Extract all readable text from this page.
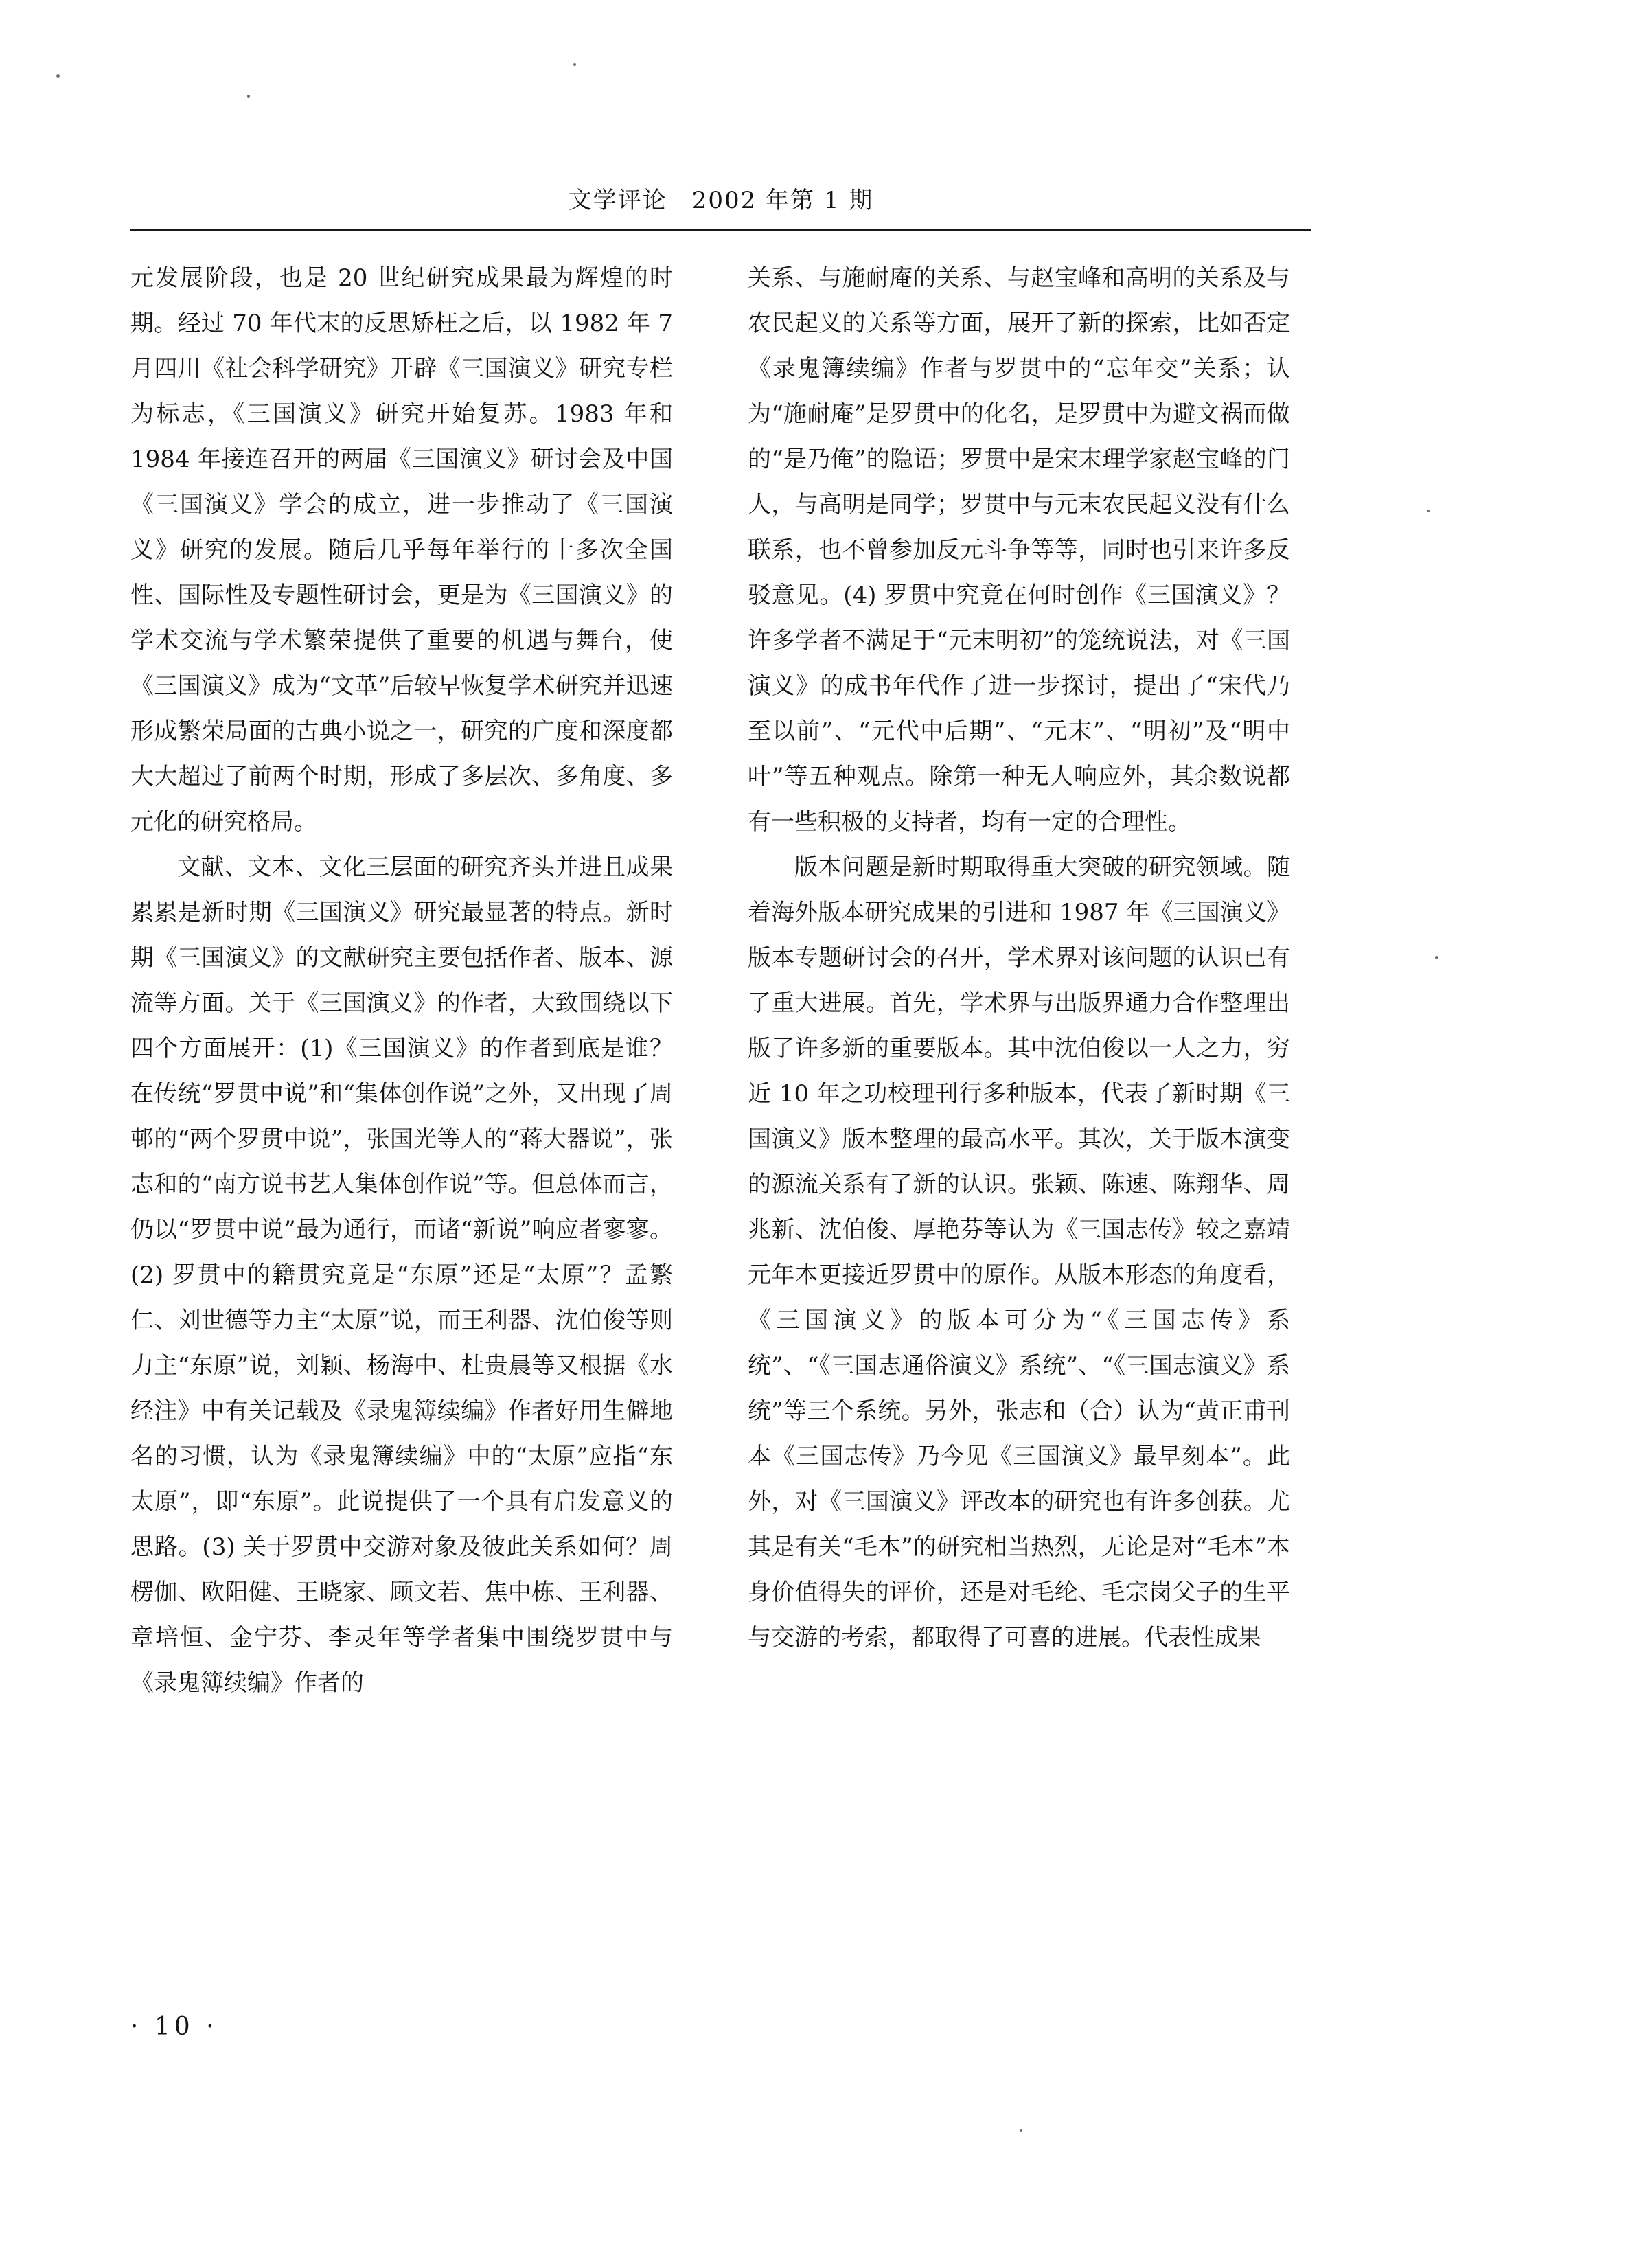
文学评论　2002 年第 1 期

元发展阶段，也是 20 世纪研究成果最为辉煌的时期。经过 70 年代末的反思矫枉之后，以 1982 年 7 月四川《社会科学研究》开辟《三国演义》研究专栏为标志，《三国演义》研究开始复苏。1983 年和 1984 年接连召开的两届《三国演义》研讨会及中国《三国演义》学会的成立，进一步推动了《三国演义》研究的发展。随后几乎每年举行的十多次全国性、国际性及专题性研讨会，更是为《三国演义》的学术交流与学术繁荣提供了重要的机遇与舞台，使《三国演义》成为“文革”后较早恢复学术研究并迅速形成繁荣局面的古典小说之一，研究的广度和深度都大大超过了前两个时期，形成了多层次、多角度、多元化的研究格局。

文献、文本、文化三层面的研究齐头并进且成果累累是新时期《三国演义》研究最显著的特点。新时期《三国演义》的文献研究主要包括作者、版本、源流等方面。关于《三国演义》的作者，大致围绕以下四个方面展开：(1)《三国演义》的作者到底是谁？在传统“罗贯中说”和“集体创作说”之外，又出现了周邨的“两个罗贯中说”，张国光等人的“蒋大器说”，张志和的“南方说书艺人集体创作说”等。但总体而言，仍以“罗贯中说”最为通行，而诸“新说”响应者寥寥。(2) 罗贯中的籍贯究竟是“东原”还是“太原”？孟繁仁、刘世德等力主“太原”说，而王利器、沈伯俊等则力主“东原”说，刘颖、杨海中、杜贵晨等又根据《水经注》中有关记载及《录鬼簿续编》作者好用生僻地名的习惯，认为《录鬼簿续编》中的“太原”应指“东太原”，即“东原”。此说提供了一个具有启发意义的思路。(3) 关于罗贯中交游对象及彼此关系如何？周楞伽、欧阳健、王晓家、顾文若、焦中栋、王利器、章培恒、金宁芬、李灵年等学者集中围绕罗贯中与《录鬼簿续编》作者的

关系、与施耐庵的关系、与赵宝峰和高明的关系及与农民起义的关系等方面，展开了新的探索，比如否定《录鬼簿续编》作者与罗贯中的“忘年交”关系；认为“施耐庵”是罗贯中的化名，是罗贯中为避文祸而做的“是乃俺”的隐语；罗贯中是宋末理学家赵宝峰的门人，与高明是同学；罗贯中与元末农民起义没有什么联系，也不曾参加反元斗争等等，同时也引来许多反驳意见。(4) 罗贯中究竟在何时创作《三国演义》？许多学者不满足于“元末明初”的笼统说法，对《三国演义》的成书年代作了进一步探讨，提出了“宋代乃至以前”、“元代中后期”、“元末”、“明初”及“明中叶”等五种观点。除第一种无人响应外，其余数说都有一些积极的支持者，均有一定的合理性。

版本问题是新时期取得重大突破的研究领域。随着海外版本研究成果的引进和 1987 年《三国演义》版本专题研讨会的召开，学术界对该问题的认识已有了重大进展。首先，学术界与出版界通力合作整理出版了许多新的重要版本。其中沈伯俊以一人之力，穷近 10 年之功校理刊行多种版本，代表了新时期《三国演义》版本整理的最高水平。其次，关于版本演变的源流关系有了新的认识。张颖、陈速、陈翔华、周兆新、沈伯俊、厚艳芬等认为《三国志传》较之嘉靖元年本更接近罗贯中的原作。从版本形态的角度看，《三国演义》的版本可分为“《三国志传》系统”、“《三国志通俗演义》系统”、“《三国志演义》系统”等三个系统。另外，张志和（合）认为“黄正甫刊本《三国志传》乃今见《三国演义》最早刻本”。此外，对《三国演义》评改本的研究也有许多创获。尤其是有关“毛本”的研究相当热烈，无论是对“毛本”本身价值得失的评价，还是对毛纶、毛宗岗父子的生平与交游的考索，都取得了可喜的进展。代表性成果

· 10 ·
